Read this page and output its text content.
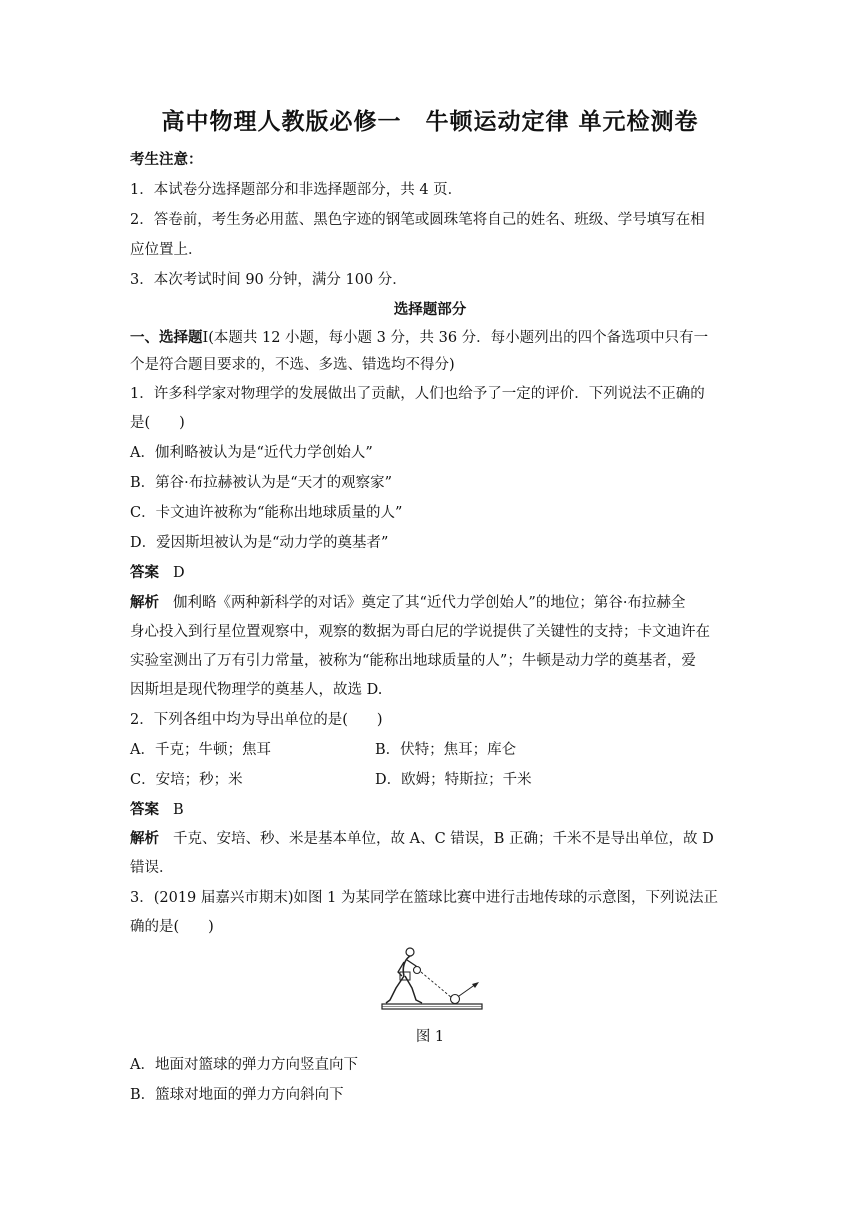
高中物理人教版必修一　牛顿运动定律 单元检测卷
考生注意：
1．本试卷分选择题部分和非选择题部分，共 4 页．
2．答卷前，考生务必用蓝、黑色字迹的钢笔或圆珠笔将自己的姓名、班级、学号填写在相
应位置上．
3．本次考试时间 90 分钟，满分 100 分．
选择题部分
一、选择题Ⅰ(本题共 12 小题，每小题 3 分，共 36 分．每小题列出的四个备选项中只有一
个是符合题目要求的，不选、多选、错选均不得分)
1．许多科学家对物理学的发展做出了贡献，人们也给予了一定的评价．下列说法不正确的
是(　　)
A．伽利略被认为是“近代力学创始人”
B．第谷·布拉赫被认为是“天才的观察家”
C．卡文迪许被称为“能称出地球质量的人”
D．爱因斯坦被认为是“动力学的奠基者”
答案 D
解析 伽利略《两种新科学的对话》奠定了其“近代力学创始人”的地位；第谷·布拉赫全
身心投入到行星位置观察中，观察的数据为哥白尼的学说提供了关键性的支持；卡文迪许在
实验室测出了万有引力常量，被称为“能称出地球质量的人”；牛顿是动力学的奠基者，爱
因斯坦是现代物理学的奠基人，故选 D.
2．下列各组中均为导出单位的是(　　)
A．千克；牛顿；焦耳	B．伏特；焦耳；库仑
C．安培；秒；米	D．欧姆；特斯拉；千米
答案 B
解析 千克、安培、秒、米是基本单位，故 A、C 错误，B 正确；千米不是导出单位，故 D
错误．
3．(2019 届嘉兴市期末)如图 1 为某同学在篮球比赛中进行击地传球的示意图，下列说法正
确的是(　　)
图 1
A．地面对篮球的弹力方向竖直向下
B．篮球对地面的弹力方向斜向下
